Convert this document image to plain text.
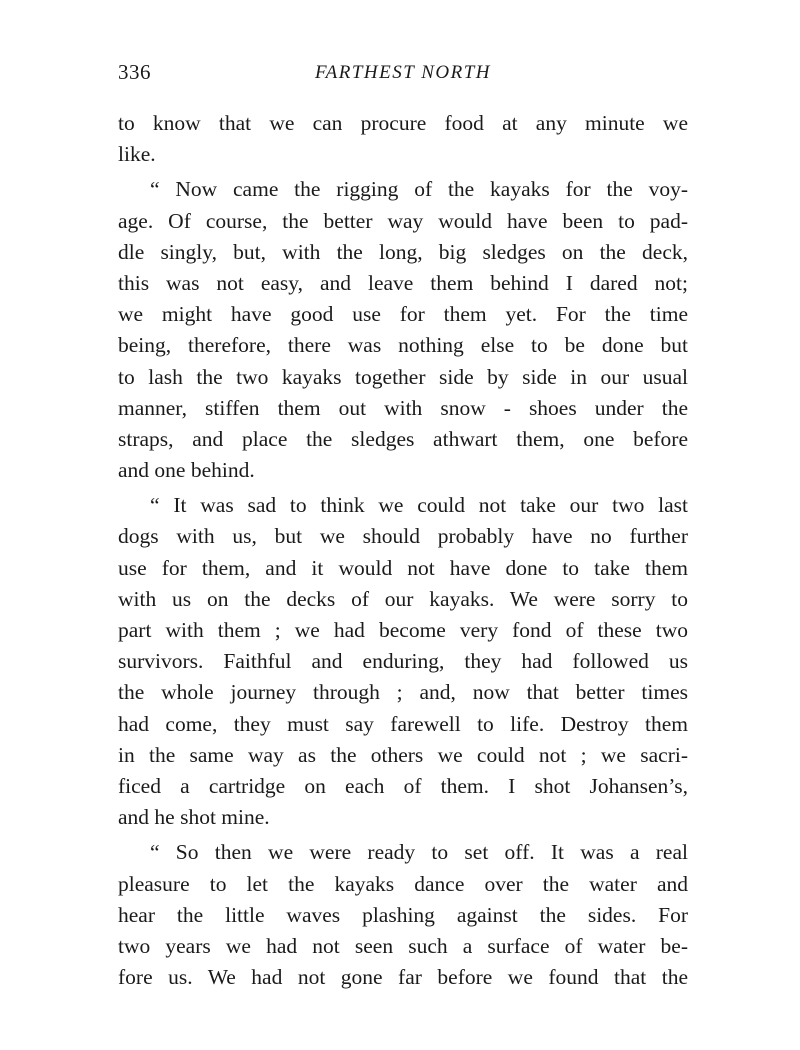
336	FARTHEST NORTH
to know that we can procure food at any minute we
like.
“ Now came the rigging of the kayaks for the voy-
age. Of course, the better way would have been to pad-
dle singly, but, with the long, big sledges on the deck,
this was not easy, and leave them behind I dared not;
we might have good use for them yet. For the time
being, therefore, there was nothing else to be done but
to lash the two kayaks together side by side in our usual
manner, stiffen them out with snow - shoes under the
straps, and place the sledges athwart them, one before
and one behind.
“ It was sad to think we could not take our two last
dogs with us, but we should probably have no further
use for them, and it would not have done to take them
with us on the decks of our kayaks. We were sorry to
part with them ; we had become very fond of these two
survivors. Faithful and enduring, they had followed us
the whole journey through ; and, now that better times
had come, they must say farewell to life. Destroy them
in the same way as the others we could not ; we sacri-
ficed a cartridge on each of them. I shot Johansen’s,
and he shot mine.
“ So then we were ready to set off. It was a real
pleasure to let the kayaks dance over the water and
hear the little waves plashing against the sides. For
two years we had not seen such a surface of water be-
fore us. We had not gone far before we found that the
